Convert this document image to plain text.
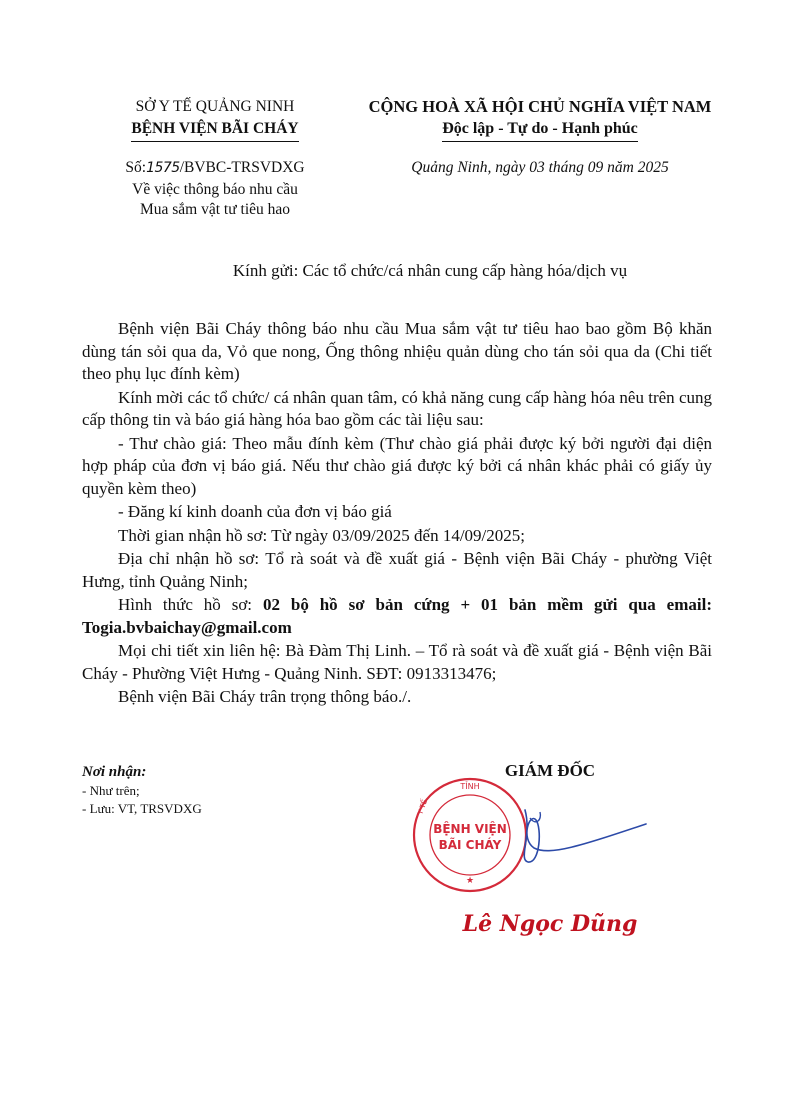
SỞ Y TẾ QUẢNG NINH
BỆNH VIỆN BÃI CHÁY
CỘNG HOÀ XÃ HỘI CHỦ NGHĨA VIỆT NAM
Độc lập - Tự do - Hạnh phúc
Số:1575/BVBC-TRSVDXG
Về việc thông báo nhu cầu
Mua sắm vật tư tiêu hao
Quảng Ninh, ngày 03 tháng 09 năm 2025
Kính gửi: Các tổ chức/cá nhân cung cấp hàng hóa/dịch vụ

Bệnh viện Bãi Cháy thông báo nhu cầu Mua sắm vật tư tiêu hao bao gồm Bộ khăn dùng tán sỏi qua da, Vỏ que nong, Ống thông nhiệu quản dùng cho tán sỏi qua da (Chi tiết theo phụ lục đính kèm)

Kính mời các tổ chức/ cá nhân quan tâm, có khả năng cung cấp hàng hóa nêu trên cung cấp thông tin và báo giá hàng hóa bao gồm các tài liệu sau:

- Thư chào giá: Theo mẫu đính kèm (Thư chào giá phải được ký bởi người đại diện hợp pháp của đơn vị báo giá. Nếu thư chào giá được ký bởi cá nhân khác phải có giấy ủy quyền kèm theo)

- Đăng kí kinh doanh của đơn vị báo giá

Thời gian nhận hồ sơ: Từ ngày 03/09/2025 đến 14/09/2025;

Địa chỉ nhận hồ sơ: Tổ rà soát và đề xuất giá - Bệnh viện Bãi Cháy - phường Việt Hưng, tỉnh Quảng Ninh;

Hình thức hồ sơ: 02 bộ hồ sơ bản cứng + 01 bản mềm gửi qua email: Togia.bvbaichay@gmail.com

Mọi chi tiết xin liên hệ: Bà Đàm Thị Linh. – Tổ rà soát và đề xuất giá - Bệnh viện Bãi Cháy - Phường Việt Hưng - Quảng Ninh. SĐT: 0913313476;

Bệnh viện Bãi Cháy trân trọng thông báo./.

Nơi nhận:
- Như trên;
- Lưu: VT, TRSVDXG
GIÁM ĐỐC
TỈNH
Y TẾ
BỆNH VIỆN
BÃI CHÁY
★
Lê Ngọc Dũng
